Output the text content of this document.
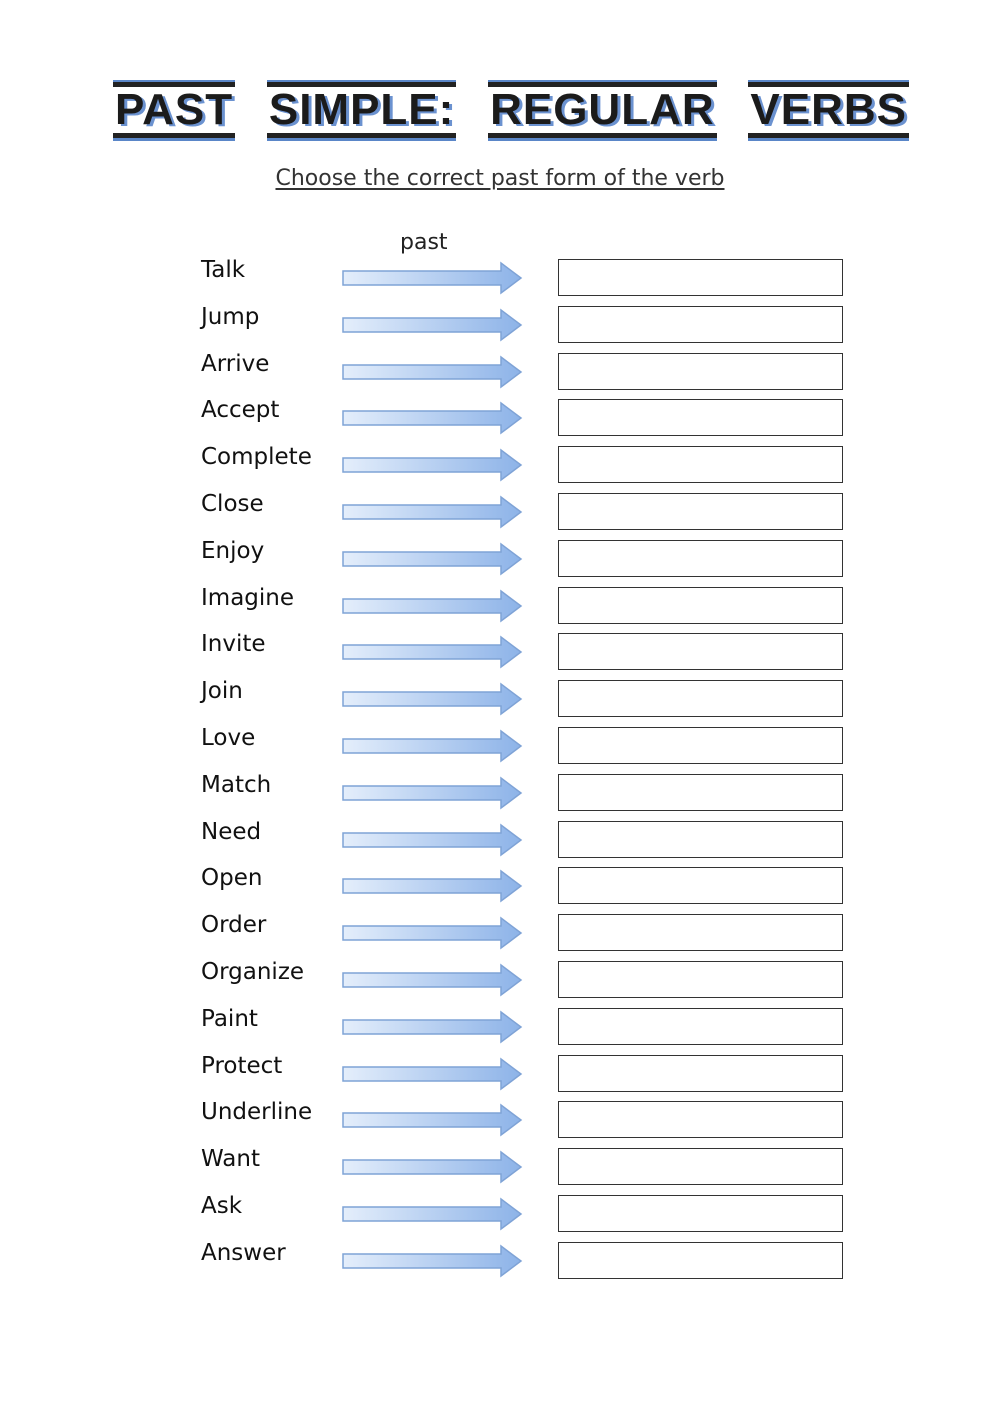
PAST SIMPLE: REGULAR VERBS
Choose the correct past form of the verb
past
Talk
Jump
Arrive
Accept
Complete
Close
Enjoy
Imagine
Invite
Join
Love
Match
Need
Open
Order
Organize
Paint
Protect
Underline
Want
Ask
Answer
